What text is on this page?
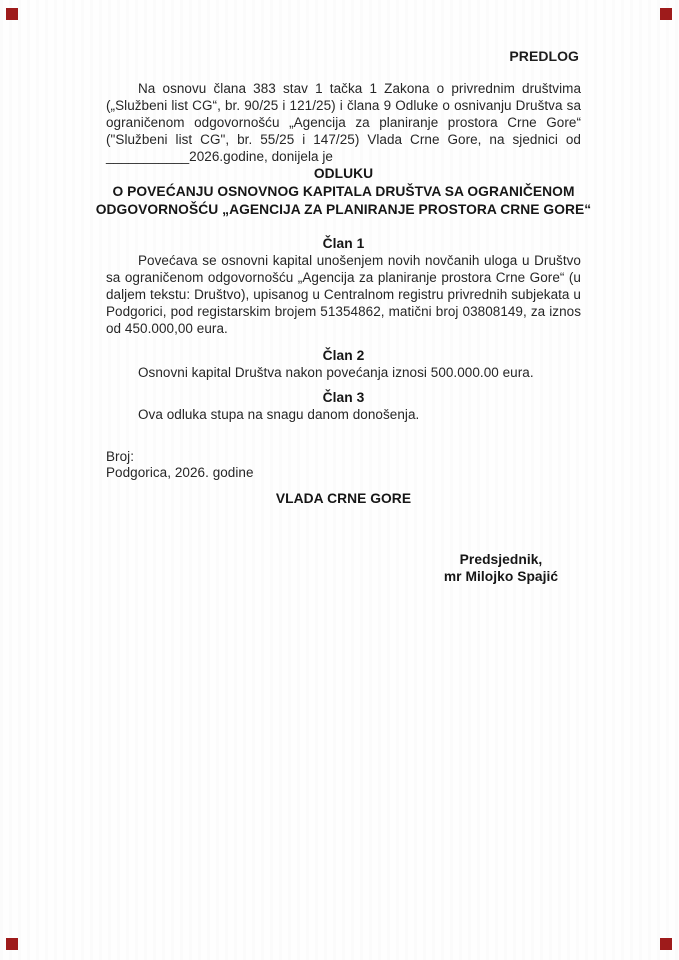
PREDLOG

Na osnovu člana 383 stav 1 tačka 1 Zakona o privrednim društvima („Službeni list CG“, br. 90/25 i 121/25) i člana 9 Odluke o osnivanju Društva sa ograničenom odgovornošću „Agencija za planiranje prostora Crne Gore“ ("Službeni list CG", br. 55/25 i 147/25) Vlada Crne Gore, na sjednici od ___________2026.godine, donijela je

ODLUKU
O POVEĆANJU OSNOVNOG KAPITALA DRUŠTVA SA OGRANIČENOM
ODGOVORNOŠĆU „AGENCIJA ZA PLANIRANJE PROSTORA CRNE GORE“
Član 1

Povećava se osnovni kapital unošenjem novih novčanih uloga u Društvo sa ograničenom odgovornošću „Agencija za planiranje prostora Crne Gore“ (u daljem tekstu: Društvo), upisanog u Centralnom registru privrednih subjekata u Podgorici, pod registarskim brojem 51354862, matični broj 03808149, za iznos od 450.000,00 eura.

Član 2

Osnovni kapital Društva nakon povećanja iznosi 500.000.00 eura.

Član 3

Ova odluka stupa na snagu danom donošenja.

Broj:
Podgorica, 2026. godine
VLADA CRNE GORE
Predsjednik,
mr Milojko Spajić
